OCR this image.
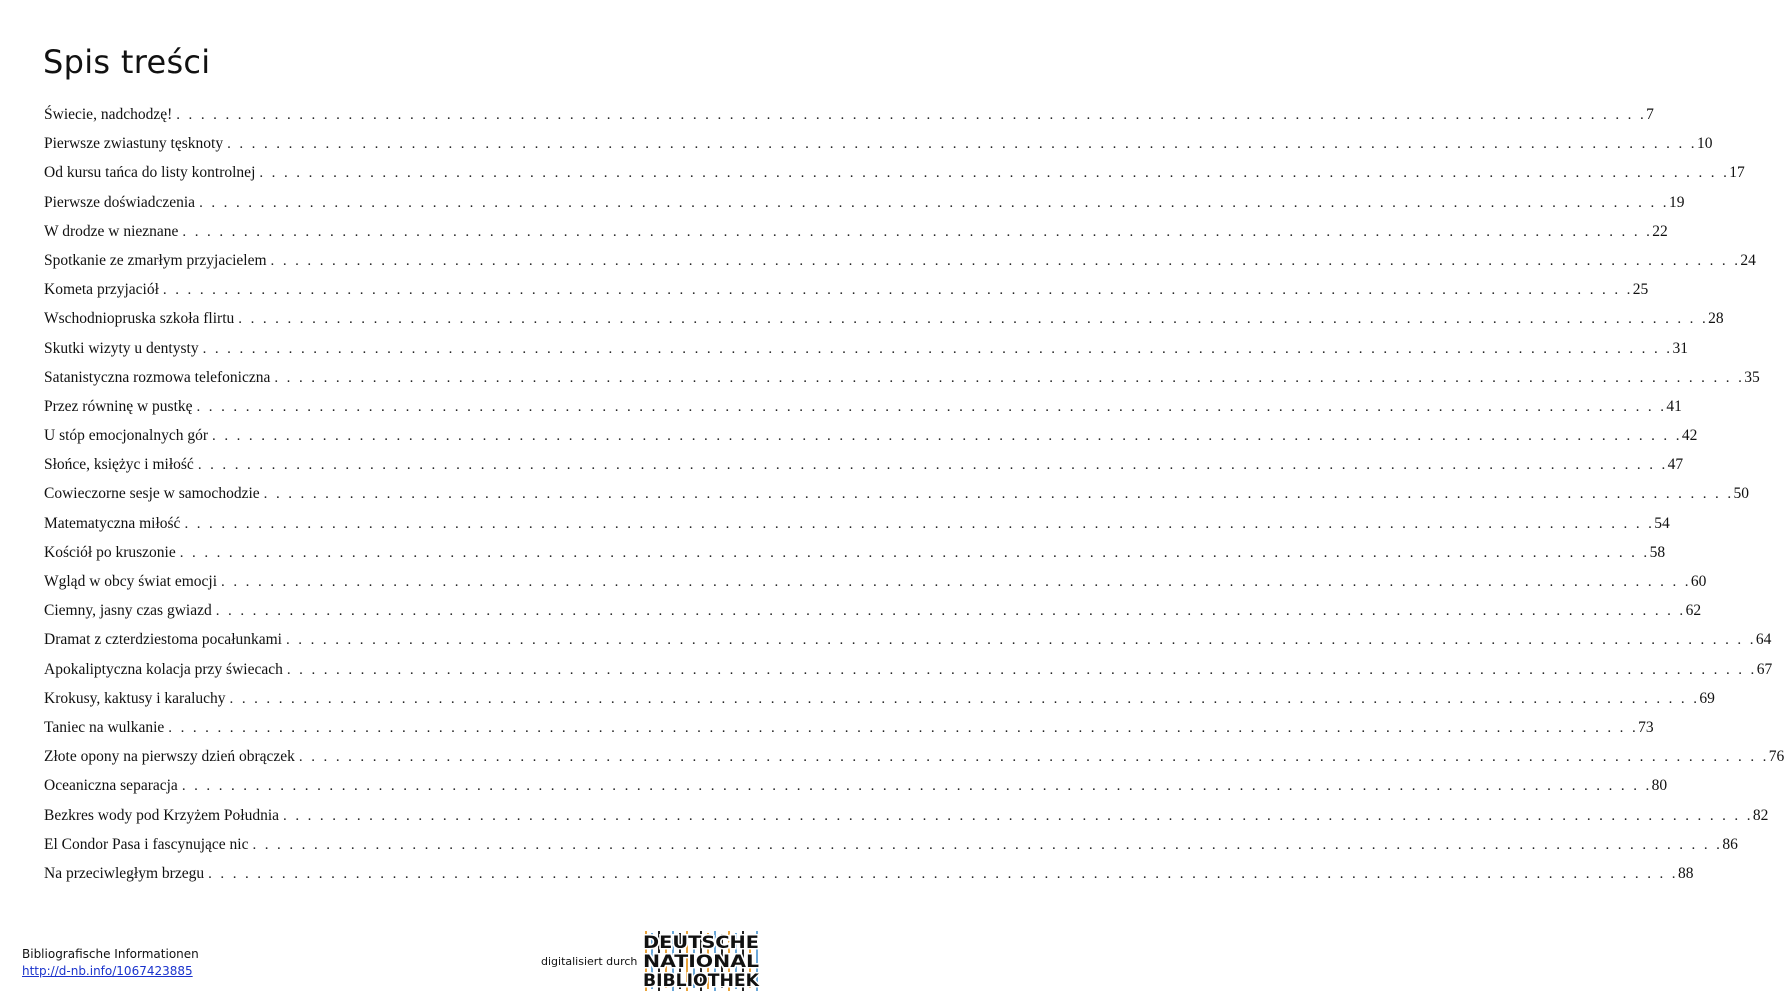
Spis treści
Świecie, nadchodzę! . . . . . . . . . . . . . . . . . . . . . . . . . . . . . . . . . . . . . . . . . . . . . . . . . . . . . . . . . . . . . . . . . . . . . . . . . . . . . . . . . . . . . . . . . . . . . . . . . . . . . . . . . . . . . . . . . . . . . . . . 7
Pierwsze zwiastuny tęsknoty . . . . . . . . . . . . . . . . . . . . . . . . . . . . . . . . . . . . . . . . . . . . . . . . . . . . . . . . . . . . . . . . . . . . . . . . . . . . . . . . . . . . . . . . . . . . . . . . . . . . . . . . . . . . . . . . . . . . . . . . 10
Od kursu tańca do listy kontrolnej . . . . . . . . . . . . . . . . . . . . . . . . . . . . . . . . . . . . . . . . . . . . . . . . . . . . . . . . . . . . . . . . . . . . . . . . . . . . . . . . . . . . . . . . . . . . . . . . . . . . . . . . . . . . . . . . . . . . . . . . 17
Pierwsze doświadczenia . . . . . . . . . . . . . . . . . . . . . . . . . . . . . . . . . . . . . . . . . . . . . . . . . . . . . . . . . . . . . . . . . . . . . . . . . . . . . . . . . . . . . . . . . . . . . . . . . . . . . . . . . . . . . . . . . . . . . . . . 19
W drodze w nieznane . . . . . . . . . . . . . . . . . . . . . . . . . . . . . . . . . . . . . . . . . . . . . . . . . . . . . . . . . . . . . . . . . . . . . . . . . . . . . . . . . . . . . . . . . . . . . . . . . . . . . . . . . . . . . . . . . . . . . . . . 22
Spotkanie ze zmarłym przyjacielem . . . . . . . . . . . . . . . . . . . . . . . . . . . . . . . . . . . . . . . . . . . . . . . . . . . . . . . . . . . . . . . . . . . . . . . . . . . . . . . . . . . . . . . . . . . . . . . . . . . . . . . . . . . . . . . . . . . . . . . . 24
Kometa przyjaciół . . . . . . . . . . . . . . . . . . . . . . . . . . . . . . . . . . . . . . . . . . . . . . . . . . . . . . . . . . . . . . . . . . . . . . . . . . . . . . . . . . . . . . . . . . . . . . . . . . . . . . . . . . . . . . . . . . . . . . . . 25
Wschodniopruska szkoła flirtu . . . . . . . . . . . . . . . . . . . . . . . . . . . . . . . . . . . . . . . . . . . . . . . . . . . . . . . . . . . . . . . . . . . . . . . . . . . . . . . . . . . . . . . . . . . . . . . . . . . . . . . . . . . . . . . . . . . . . . . . 28
Skutki wizyty u dentysty . . . . . . . . . . . . . . . . . . . . . . . . . . . . . . . . . . . . . . . . . . . . . . . . . . . . . . . . . . . . . . . . . . . . . . . . . . . . . . . . . . . . . . . . . . . . . . . . . . . . . . . . . . . . . . . . . . . . . . . . 31
Satanistyczna rozmowa telefoniczna . . . . . . . . . . . . . . . . . . . . . . . . . . . . . . . . . . . . . . . . . . . . . . . . . . . . . . . . . . . . . . . . . . . . . . . . . . . . . . . . . . . . . . . . . . . . . . . . . . . . . . . . . . . . . . . . . . . . . . . . 35
Przez równinę w pustkę . . . . . . . . . . . . . . . . . . . . . . . . . . . . . . . . . . . . . . . . . . . . . . . . . . . . . . . . . . . . . . . . . . . . . . . . . . . . . . . . . . . . . . . . . . . . . . . . . . . . . . . . . . . . . . . . . . . . . . . . 41
U stóp emocjonalnych gór . . . . . . . . . . . . . . . . . . . . . . . . . . . . . . . . . . . . . . . . . . . . . . . . . . . . . . . . . . . . . . . . . . . . . . . . . . . . . . . . . . . . . . . . . . . . . . . . . . . . . . . . . . . . . . . . . . . . . . . . 42
Słońce, księżyc i miłość . . . . . . . . . . . . . . . . . . . . . . . . . . . . . . . . . . . . . . . . . . . . . . . . . . . . . . . . . . . . . . . . . . . . . . . . . . . . . . . . . . . . . . . . . . . . . . . . . . . . . . . . . . . . . . . . . . . . . . . . 47
Cowieczorne sesje w samochodzie . . . . . . . . . . . . . . . . . . . . . . . . . . . . . . . . . . . . . . . . . . . . . . . . . . . . . . . . . . . . . . . . . . . . . . . . . . . . . . . . . . . . . . . . . . . . . . . . . . . . . . . . . . . . . . . . . . . . . . . . 50
Matematyczna miłość . . . . . . . . . . . . . . . . . . . . . . . . . . . . . . . . . . . . . . . . . . . . . . . . . . . . . . . . . . . . . . . . . . . . . . . . . . . . . . . . . . . . . . . . . . . . . . . . . . . . . . . . . . . . . . . . . . . . . . . . 54
Kościół po kruszonie . . . . . . . . . . . . . . . . . . . . . . . . . . . . . . . . . . . . . . . . . . . . . . . . . . . . . . . . . . . . . . . . . . . . . . . . . . . . . . . . . . . . . . . . . . . . . . . . . . . . . . . . . . . . . . . . . . . . . . . . 58
Wgląd w obcy świat emocji . . . . . . . . . . . . . . . . . . . . . . . . . . . . . . . . . . . . . . . . . . . . . . . . . . . . . . . . . . . . . . . . . . . . . . . . . . . . . . . . . . . . . . . . . . . . . . . . . . . . . . . . . . . . . . . . . . . . . . . . 60
Ciemny, jasny czas gwiazd . . . . . . . . . . . . . . . . . . . . . . . . . . . . . . . . . . . . . . . . . . . . . . . . . . . . . . . . . . . . . . . . . . . . . . . . . . . . . . . . . . . . . . . . . . . . . . . . . . . . . . . . . . . . . . . . . . . . . . . . 62
Dramat z czterdziestoma pocałunkami . . . . . . . . . . . . . . . . . . . . . . . . . . . . . . . . . . . . . . . . . . . . . . . . . . . . . . . . . . . . . . . . . . . . . . . . . . . . . . . . . . . . . . . . . . . . . . . . . . . . . . . . . . . . . . . . . . . . . . . . 64
Apokaliptyczna kolacja przy świecach . . . . . . . . . . . . . . . . . . . . . . . . . . . . . . . . . . . . . . . . . . . . . . . . . . . . . . . . . . . . . . . . . . . . . . . . . . . . . . . . . . . . . . . . . . . . . . . . . . . . . . . . . . . . . . . . . . . . . . . . 67
Krokusy, kaktusy i karaluchy . . . . . . . . . . . . . . . . . . . . . . . . . . . . . . . . . . . . . . . . . . . . . . . . . . . . . . . . . . . . . . . . . . . . . . . . . . . . . . . . . . . . . . . . . . . . . . . . . . . . . . . . . . . . . . . . . . . . . . . . 69
Taniec na wulkanie . . . . . . . . . . . . . . . . . . . . . . . . . . . . . . . . . . . . . . . . . . . . . . . . . . . . . . . . . . . . . . . . . . . . . . . . . . . . . . . . . . . . . . . . . . . . . . . . . . . . . . . . . . . . . . . . . . . . . . . . 73
Złote opony na pierwszy dzień obrączek . . . . . . . . . . . . . . . . . . . . . . . . . . . . . . . . . . . . . . . . . . . . . . . . . . . . . . . . . . . . . . . . . . . . . . . . . . . . . . . . . . . . . . . . . . . . . . . . . . . . . . . . . . . . . . . . . . . . . . . . 76
Oceaniczna separacja . . . . . . . . . . . . . . . . . . . . . . . . . . . . . . . . . . . . . . . . . . . . . . . . . . . . . . . . . . . . . . . . . . . . . . . . . . . . . . . . . . . . . . . . . . . . . . . . . . . . . . . . . . . . . . . . . . . . . . . . 80
Bezkres wody pod Krzyżem Południa . . . . . . . . . . . . . . . . . . . . . . . . . . . . . . . . . . . . . . . . . . . . . . . . . . . . . . . . . . . . . . . . . . . . . . . . . . . . . . . . . . . . . . . . . . . . . . . . . . . . . . . . . . . . . . . . . . . . . . . . 82
El Condor Pasa i fascynujące nic . . . . . . . . . . . . . . . . . . . . . . . . . . . . . . . . . . . . . . . . . . . . . . . . . . . . . . . . . . . . . . . . . . . . . . . . . . . . . . . . . . . . . . . . . . . . . . . . . . . . . . . . . . . . . . . . . . . . . . . . 86
Na przeciwległym brzegu . . . . . . . . . . . . . . . . . . . . . . . . . . . . . . . . . . . . . . . . . . . . . . . . . . . . . . . . . . . . . . . . . . . . . . . . . . . . . . . . . . . . . . . . . . . . . . . . . . . . . . . . . . . . . . . . . . . . . . . . 88
Bibliografische Informationen
http://d-nb.info/1067423885
digitalisiert durch
DEUTSCHE
NATIONAL
BIBLIOTHEK
